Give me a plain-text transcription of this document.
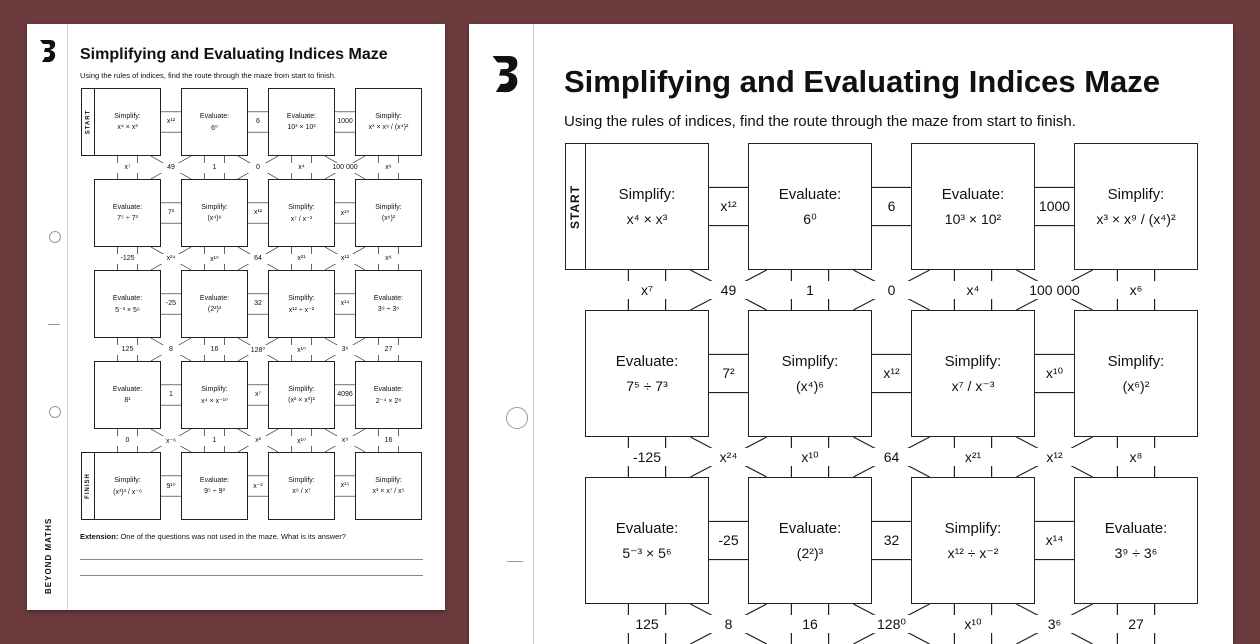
BEYOND MATHS
Simplifying and Evaluating Indices Maze
Using the rules of indices, find the route through the maze from start to finish.
START
FINISH
Simplify:
x⁴ × x³
Evaluate:
6⁰
Evaluate:
10³ × 10²
Simplify:
x³ × x⁹ / (x⁴)²
x¹²	6	1000
x⁷	49	1	0	x⁴	100 000	x⁶
Evaluate:
7⁵ ÷ 7³
Simplify:
(x⁴)⁶
Simplify:
x⁷ / x⁻³
Simplify:
(x⁶)²
7²	x¹²	x¹⁰
-125	x²⁴	x¹⁰	64	x²¹	x¹²	x⁸
Evaluate:
5⁻³ × 5⁶
Evaluate:
(2²)³
Simplify:
x¹² ÷ x⁻²
Evaluate:
3⁹ ÷ 3⁶
-25	32	x¹⁴
125	8	16	128⁰	x¹⁰	3⁶	27
Evaluate:
8¹
Simplify:
x⁴ × x⁻¹⁰
Simplify:
(x² × x³)²
Evaluate:
2⁻⁴ × 2⁸
1	x⁷	4096
0	x⁻⁶	1	x²	x¹⁰	x⁹	16
Simplify:
(x³)³ / x⁻⁶
Evaluate:
9⁵ ÷ 9³
Simplify:
x⁹ / x⁷
Simplify:
x³ × x⁷ / x⁵
9¹⁰	x⁻²	x¹⁵
Extension: One of the questions was not used in the maze. What is its answer?
Simplifying and Evaluating Indices Maze
Using the rules of indices, find the route through the maze from start to finish.
START Simplify:
x⁴ × x³
Evaluate:
6⁰
Evaluate:
10³ × 10²
Simplify:
x³ × x⁹ / (x⁴)²
x¹²	6	1000
x⁷	49	1	0	x⁴	100 000	x⁶
Evaluate:
7⁵ ÷ 7³
Simplify:
(x⁴)⁶
Simplify:
x⁷ / x⁻³
Simplify:
(x⁶)²
7²	x¹²	x¹⁰
-125	x²⁴	x¹⁰	64	x²¹	x¹²	x⁸
Evaluate:
5⁻³ × 5⁶
Evaluate:
(2²)³
Simplify:
x¹² ÷ x⁻²
Evaluate:
3⁹ ÷ 3⁶
-25	32	x¹⁴
125	8	16	128⁰	x¹⁰	3⁶	27
